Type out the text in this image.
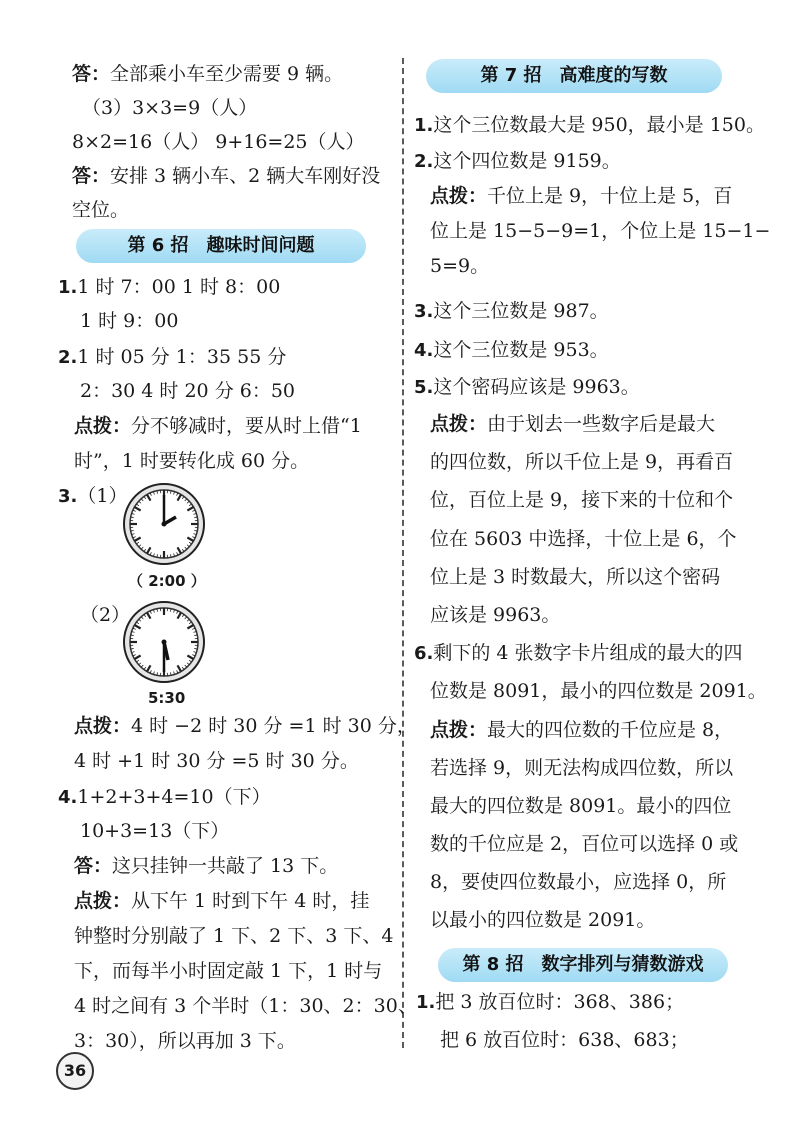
答：全部乘小车至少需要 9 辆。
（3）3×3=9（人）
8×2=16（人） 9+16=25（人）
答：安排 3 辆小车、2 辆大车刚好没
空位。
第 6 招 趣味时间问题
1.1 时 7：00 1 时 8：00
1 时 9：00
2.1 时 05 分 1：35 55 分
2：30 4 时 20 分 6：50
点拨：分不够减时，要从时上借“1
时”，1 时要转化成 60 分。
3.（1）
（ 2:00 ）
（2）
5:30
点拨：4 时 −2 时 30 分 =1 时 30 分，
4 时 +1 时 30 分 =5 时 30 分。
4.1+2+3+4=10（下）
10+3=13（下）
答：这只挂钟一共敲了 13 下。
点拨：从下午 1 时到下午 4 时，挂
钟整时分别敲了 1 下、2 下、3 下、4
下，而每半小时固定敲 1 下，1 时与
4 时之间有 3 个半时（1：30、2：30、
3：30），所以再加 3 下。
第 7 招 高难度的写数
1.这个三位数最大是 950，最小是 150。
2.这个四位数是 9159。
点拨：千位上是 9，十位上是 5，百
位上是 15−5−9=1，个位上是 15−1−
5=9。
3.这个三位数是 987。
4.这个三位数是 953。
5.这个密码应该是 9963。
点拨：由于划去一些数字后是最大
的四位数，所以千位上是 9，再看百
位，百位上是 9，接下来的十位和个
位在 5603 中选择，十位上是 6，个
位上是 3 时数最大，所以这个密码
应该是 9963。
6.剩下的 4 张数字卡片组成的最大的四
位数是 8091，最小的四位数是 2091。
点拨：最大的四位数的千位应是 8，
若选择 9，则无法构成四位数，所以
最大的四位数是 8091。最小的四位
数的千位应是 2，百位可以选择 0 或
8，要使四位数最小，应选择 0，所
以最小的四位数是 2091。
第 8 招 数字排列与猜数游戏
1.把 3 放百位时：368、386；
把 6 放百位时：638、683；
36
